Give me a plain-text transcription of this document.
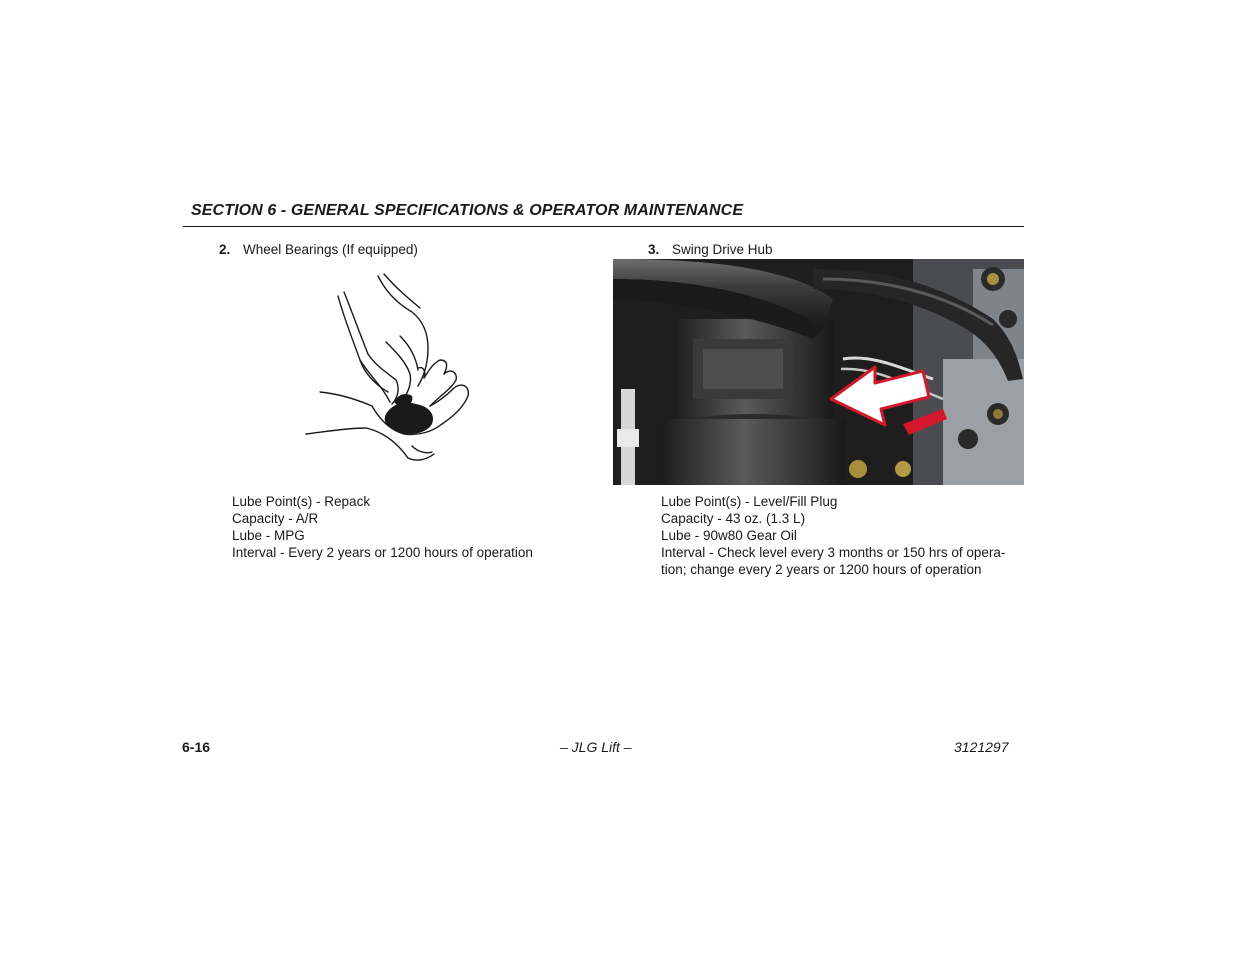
SECTION 6 - GENERAL SPECIFICATIONS & OPERATOR MAINTENANCE
2. Wheel Bearings (If equipped)
Lube Point(s) - Repack
Capacity - A/R
Lube - MPG
Interval - Every 2 years or 1200 hours of operation
3. Swing Drive Hub
Lube Point(s) - Level/Fill Plug
Capacity - 43 oz. (1.3 L)
Lube - 90w80 Gear Oil
Interval - Check level every 3 months or 150 hrs of opera-
tion; change every 2 years or 1200 hours of operation
6-16	– JLG Lift –	3121297
